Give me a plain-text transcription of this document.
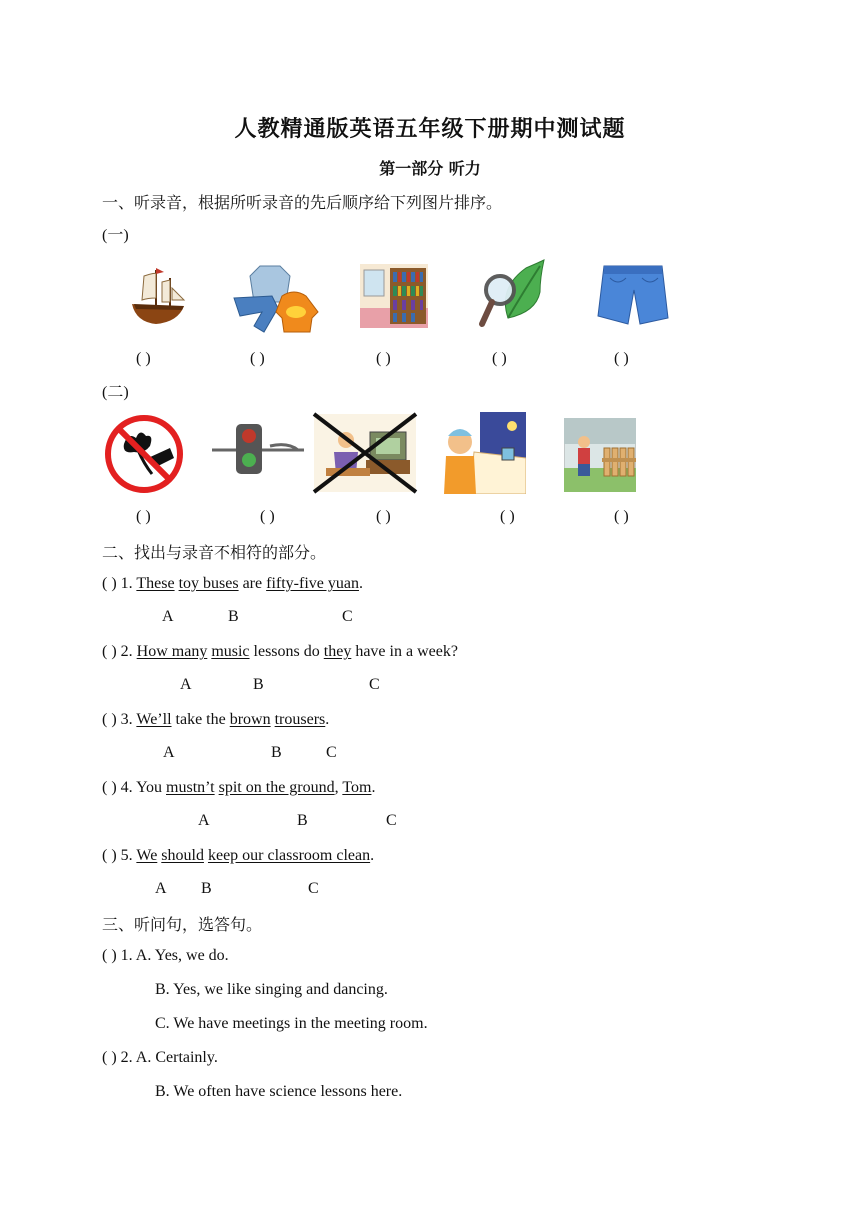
人教精通版英语五年级下册期中测试题
第一部分 听力
一、听录音，根据所听录音的先后顺序给下列图片排序。
(一)
( )	( )	( )	( )	( )
(二)
( )	( )	( )	( )	( )
二、找出与录音不相符的部分。
( ) 1. These toy buses are fifty-five yuan.
A	B	C
( ) 2. How many music lessons do they have in a week?
A	B	C
( ) 3. We’ll take the brown trousers.
A	B	C
( ) 4. You mustn’t spit on the ground, Tom.
A	B	C
( ) 5. We should keep our classroom clean.
A B	C
三、听问句，选答句。
( ) 1. A. Yes, we do.
B. Yes, we like singing and dancing.
C. We have meetings in the meeting room.
( ) 2. A. Certainly.
B. We often have science lessons here.
